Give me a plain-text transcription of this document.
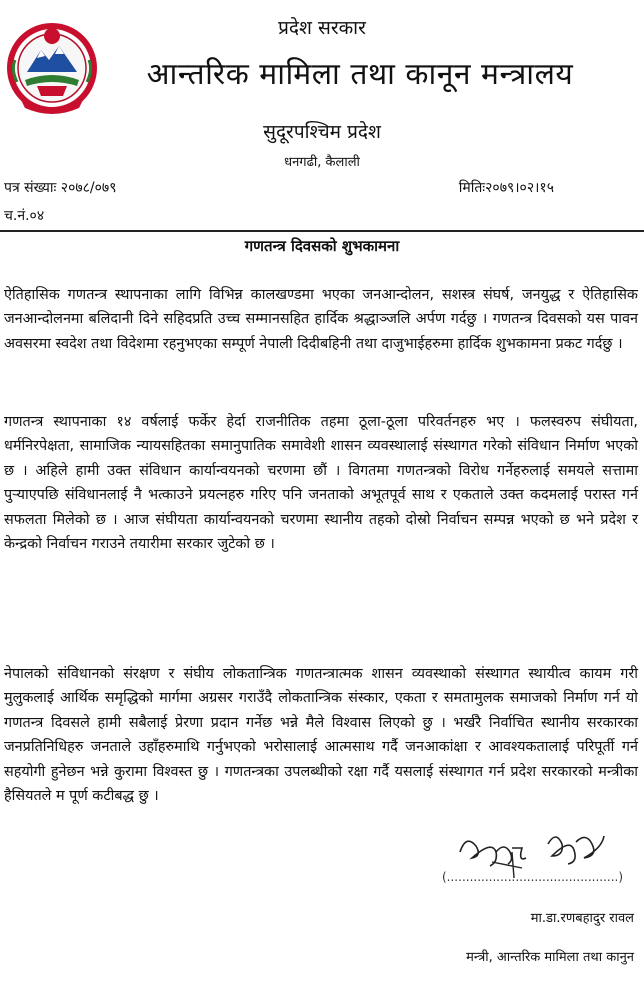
प्रदेश सरकार
आन्तरिक मामिला तथा कानून मन्त्रालय
सुदूरपश्चिम प्रदेश
धनगढी, कैलाली
पत्र संख्याः २०७८/०७९	मितिः२०७९।०२।१५
च.नं.०४
गणतन्त्र दिवसको शुभकामना
ऐतिहासिक गणतन्त्र स्थापनाका लागि विभिन्न कालखण्डमा भएका जनआन्दोलन, सशस्त्र संघर्ष, जनयुद्ध र ऐतिहासिक जनआन्दोलनमा बलिदानी दिने सहिदप्रति उच्च सम्मानसहित हार्दिक श्रद्धाञ्जलि अर्पण गर्दछु । गणतन्त्र दिवसको यस पावन अवसरमा स्वदेश तथा विदेशमा रहनुभएका सम्पूर्ण नेपाली दिदीबहिनी तथा दाजुभाईहरुमा हार्दिक शुभकामना प्रकट गर्दछु ।
गणतन्त्र स्थापनाका १४ वर्षलाई फर्केर हेर्दा राजनीतिक तहमा ठूला-ठूला परिवर्तनहरु भए । फलस्वरुप संघीयता, धर्मनिरपेक्षता, सामाजिक न्यायसहितका समानुपातिक समावेशी शासन व्यवस्थालाई संस्थागत गरेको संविधान निर्माण भएको छ । अहिले हामी उक्त संविधान कार्यान्वयनको चरणमा छौं । विगतमा गणतन्त्रको विरोध गर्नेहरुलाई समयले सत्तामा पुर्‍याएपछि संविधानलाई नै भत्काउने प्रयत्नहरु गरिए पनि जनताको अभूतपूर्व साथ र एकताले उक्त कदमलाई परास्त गर्न सफलता मिलेको छ । आज संघीयता कार्यान्वयनको चरणमा स्थानीय तहको दोस्रो निर्वाचन सम्पन्न भएको छ भने प्रदेश र केन्द्रको निर्वाचन गराउने तयारीमा सरकार जुटेको छ ।
नेपालको संविधानको संरक्षण र संघीय लोकतान्त्रिक गणतन्त्रात्मक शासन व्यवस्थाको संस्थागत स्थायीत्व कायम गरी मुलुकलाई आर्थिक समृद्धिको मार्गमा अग्रसर गराउँदै लोकतान्त्रिक संस्कार, एकता र समतामुलक समाजको निर्माण गर्न यो गणतन्त्र दिवसले हामी सबैलाई प्रेरणा प्रदान गर्नेछ भन्ने मैले विश्वास लिएको छु । भर्खरै निर्वाचित स्थानीय सरकारका जनप्रतिनिधिहरु जनताले उहाँहरुमाथि गर्नुभएको भरोसालाई आत्मसाथ गर्दै जनआकांक्षा र आवश्यकतालाई परिपूर्ती गर्न सहयोगी हुनेछन भन्ने कुरामा विश्वस्त छु । गणतन्त्रका उपलब्धीको रक्षा गर्दै यसलाई संस्थागत गर्न प्रदेश सरकारको मन्त्रीका हैसियतले म पूर्ण कटीबद्ध छु ।
(.............................................)
मा.डा.रणबहादुर रावल
मन्त्री, आन्तरिक मामिला तथा कानुन
